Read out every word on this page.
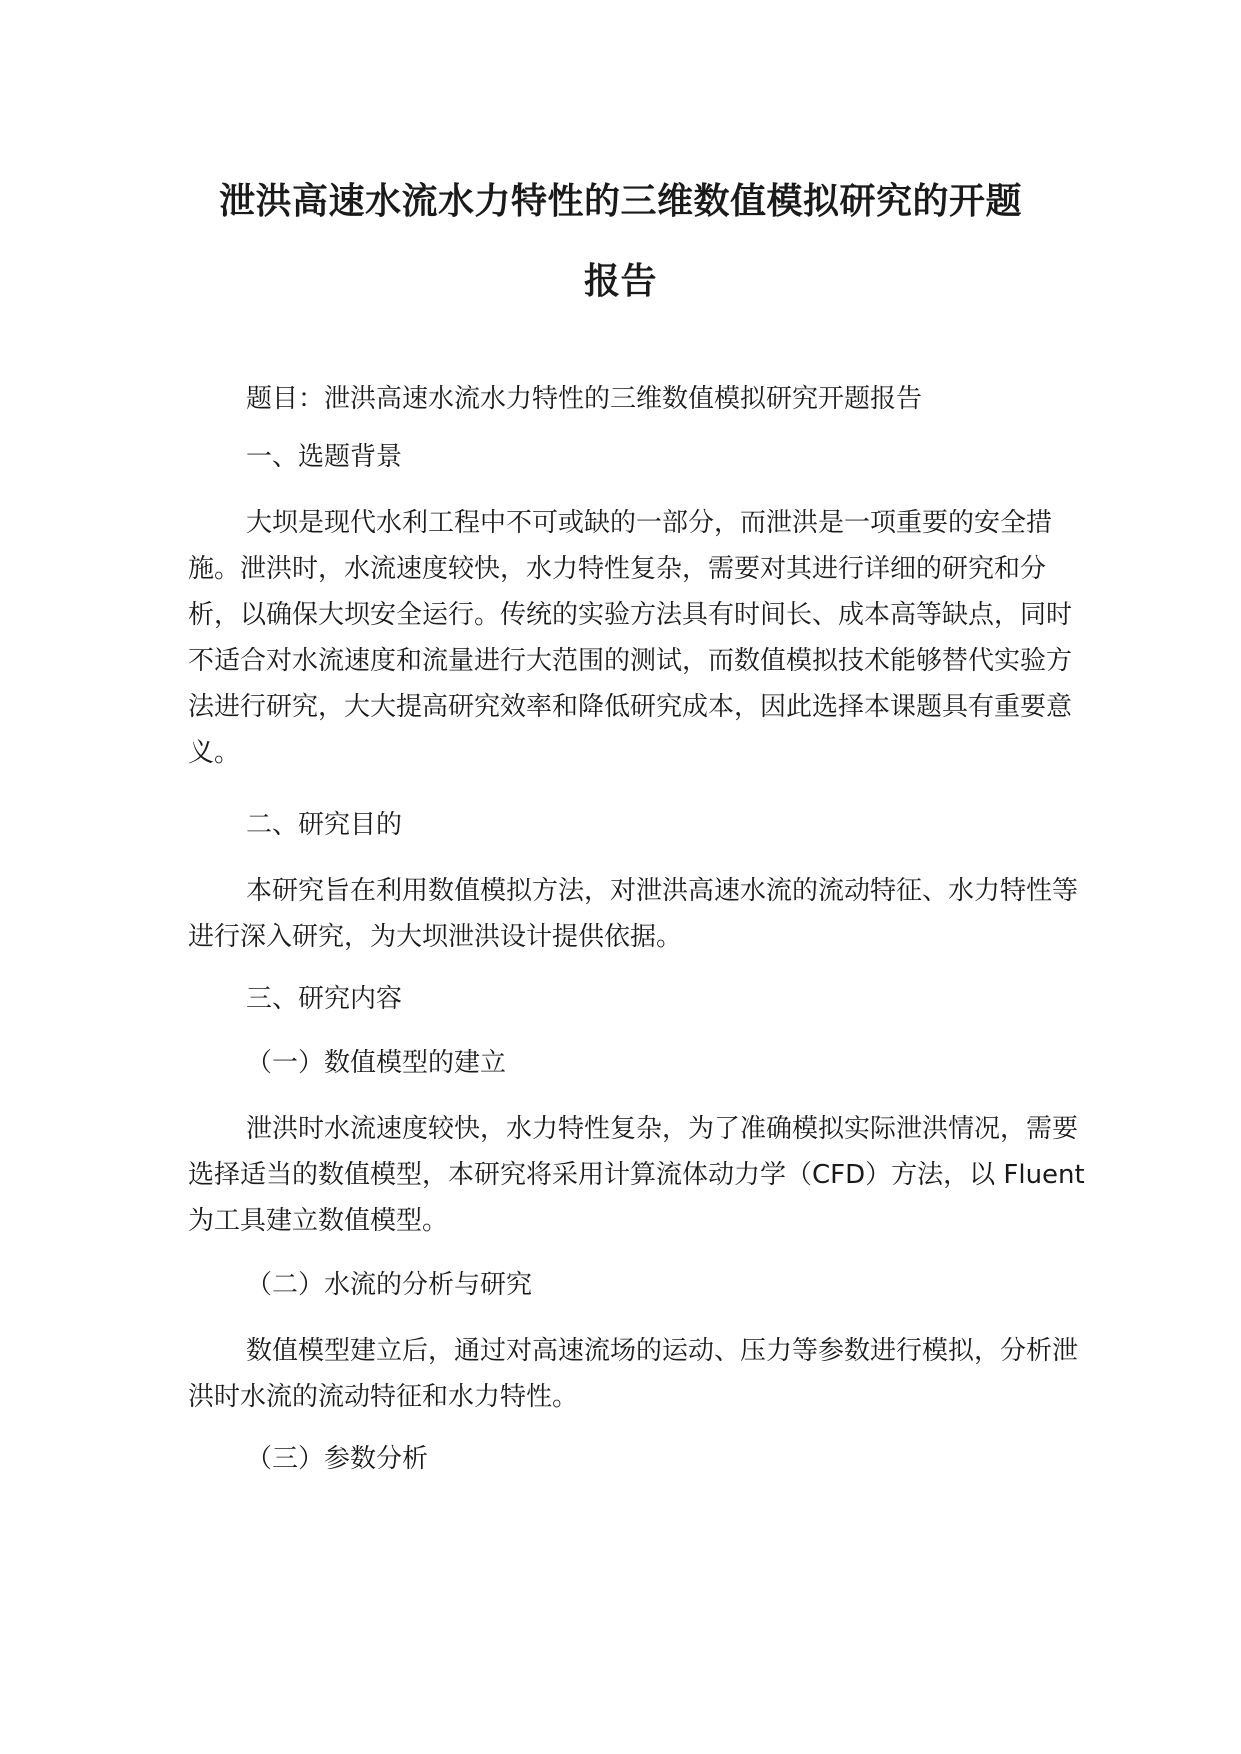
泄洪高速水流水力特性的三维数值模拟研究的开题
报告

题目：泄洪高速水流水力特性的三维数值模拟研究开题报告

一、选题背景

大坝是现代水利工程中不可或缺的一部分，而泄洪是一项重要的安全措施。泄洪时，水流速度较快，水力特性复杂，需要对其进行详细的研究和分析，以确保大坝安全运行。传统的实验方法具有时间长、成本高等缺点，同时不适合对水流速度和流量进行大范围的测试，而数值模拟技术能够替代实验方法进行研究，大大提高研究效率和降低研究成本，因此选择本课题具有重要意义。

二、研究目的

本研究旨在利用数值模拟方法，对泄洪高速水流的流动特征、水力特性等进行深入研究，为大坝泄洪设计提供依据。

三、研究内容

（一）数值模型的建立

泄洪时水流速度较快，水力特性复杂，为了准确模拟实际泄洪情况，需要选择适当的数值模型，本研究将采用计算流体动力学（CFD）方法，以 Fluent 为工具建立数值模型。

（二）水流的分析与研究

数值模型建立后，通过对高速流场的运动、压力等参数进行模拟，分析泄洪时水流的流动特征和水力特性。

（三）参数分析
